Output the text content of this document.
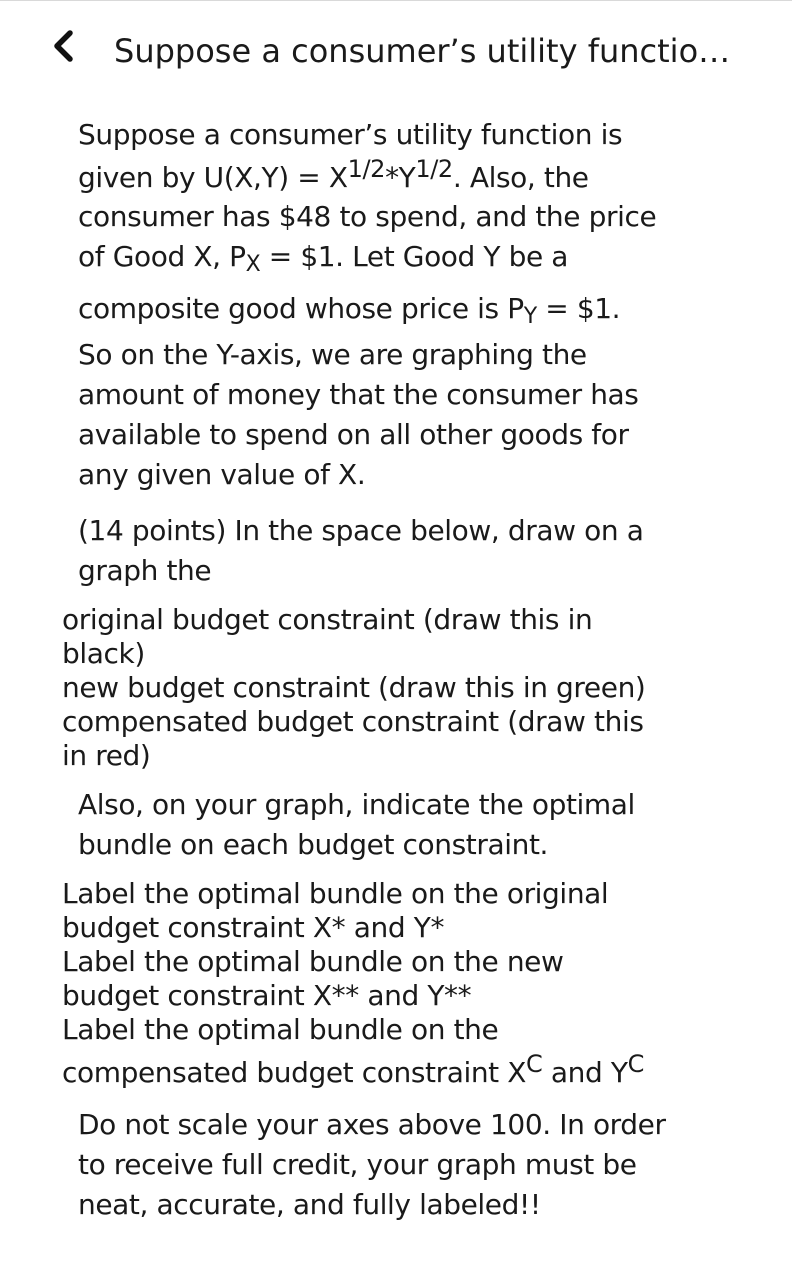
Suppose a consumer’s utility functio…

Suppose a consumer’s utility function is

given by $U(X,Y) = X^{1/2}*Y^{1/2}$. Also, the

consumer has $48 to spend, and the price

of Good X, $P_X$ = $1. Let Good Y be a

composite good whose price is $P_Y$ = $1.

So on the Y-axis, we are graphing the

amount of money that the consumer has

available to spend on all other goods for

any given value of X.

(14 points) In the space below, draw on a

graph the

original budget constraint (draw this in

black)

new budget constraint (draw this in green)

compensated budget constraint (draw this

in red)

Also, on your graph, indicate the optimal

bundle on each budget constraint.

Label the optimal bundle on the original

budget constraint X* and Y*

Label the optimal bundle on the new

budget constraint X** and Y**

Label the optimal bundle on the

compensated budget constraint $X^C$ and $Y^C$

Do not scale your axes above 100. In order

to receive full credit, your graph must be

neat, accurate, and fully labeled!!
